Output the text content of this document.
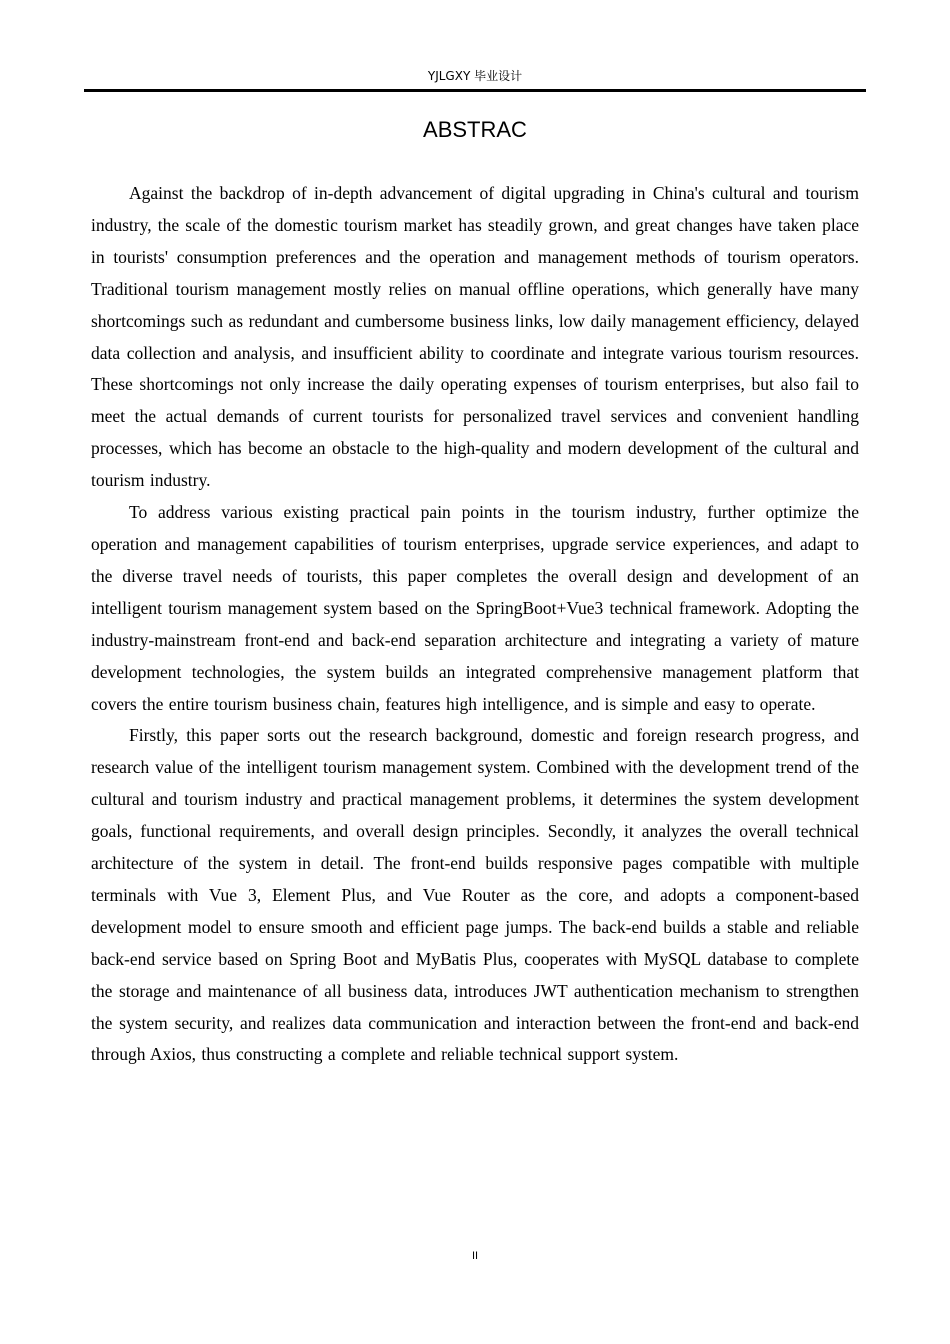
YJLGXY 毕业设计
ABSTRAC

Against the backdrop of in-depth advancement of digital upgrading in China's cultural and tourism industry, the scale of the domestic tourism market has steadily grown, and great changes have taken place in tourists' consumption preferences and the operation and management methods of tourism operators. Traditional tourism management mostly relies on manual offline operations, which generally have many shortcomings such as redundant and cumbersome business links, low daily management efficiency, delayed data collection and analysis, and insufficient ability to coordinate and integrate various tourism resources. These shortcomings not only increase the daily operating expenses of tourism enterprises, but also fail to meet the actual demands of current tourists for personalized travel services and convenient handling processes, which has become an obstacle to the high-quality and modern development of the cultural and tourism industry.

To address various existing practical pain points in the tourism industry, further optimize the operation and management capabilities of tourism enterprises, upgrade service experiences, and adapt to the diverse travel needs of tourists, this paper completes the overall design and development of an intelligent tourism management system based on the SpringBoot+Vue3 technical framework. Adopting the industry-mainstream front-end and back-end separation architecture and integrating a variety of mature development technologies, the system builds an integrated comprehensive management platform that covers the entire tourism business chain, features high intelligence, and is simple and easy to operate.

Firstly, this paper sorts out the research background, domestic and foreign research progress, and research value of the intelligent tourism management system. Combined with the development trend of the cultural and tourism industry and practical management problems, it determines the system development goals, functional requirements, and overall design principles. Secondly, it analyzes the overall technical architecture of the system in detail. The front-end builds responsive pages compatible with multiple terminals with Vue 3, Element Plus, and Vue Router as the core, and adopts a component-based development model to ensure smooth and efficient page jumps. The back-end builds a stable and reliable back-end service based on Spring Boot and MyBatis Plus, cooperates with MySQL database to complete the storage and maintenance of all business data, introduces JWT authentication mechanism to strengthen the system security, and realizes data communication and interaction between the front-end and back-end through Axios, thus constructing a complete and reliable technical support system.

II
